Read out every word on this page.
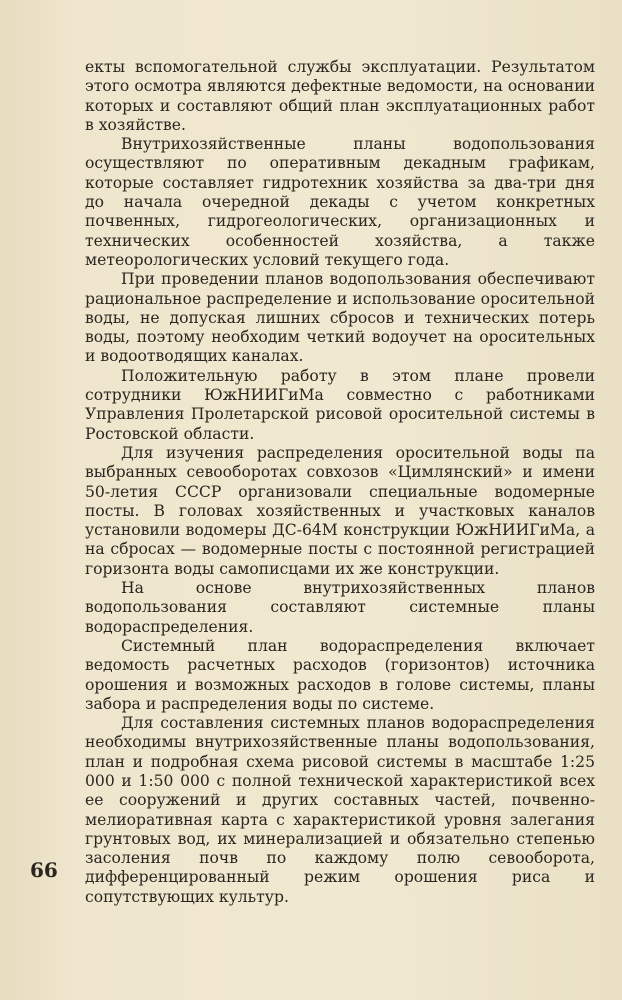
екты вспомогательной службы эксплуатации. Результатом этого осмотра являются дефектные ведомости, на основании которых и составляют общий план эксплуатационных работ в хозяйстве.

Внутрихозяйственные планы водопользования осуществляют по оперативным декадным графикам, которые составляет гидротехник хозяйства за два-три дня до начала очередной декады с учетом конкретных почвенных, гидрогеологических, организационных и технических особенностей хозяйства, а также метеорологических условий текущего года.

При проведении планов водопользования обеспечивают рациональное распределение и использование оросительной воды, не допуская лишних сбросов и технических потерь воды, поэтому необходим четкий водоучет на оросительных и водоотводящих каналах.

Положительную работу в этом плане провели сотрудники ЮжНИИГиМа совместно с работниками Управления Пролетарской рисовой оросительной системы в Ростовской области.

Для изучения распределения оросительной воды па выбранных севооборотах совхозов «Цимлянский» и имени 50-летия СССР организовали специальные водомерные посты. В головах хозяйственных и участковых каналов установили водомеры ДС-64М конструкции ЮжНИИГиМа, а на сбросах — водомерные посты с постоянной регистрацией горизонта воды самописцами их же конструкции.

На основе внутрихозяйственных планов водопользования составляют системные планы водораспределения.

Системный план водораспределения включает ведомость расчетных расходов (горизонтов) источника орошения и возможных расходов в голове системы, планы забора и распределения воды по системе.

Для составления системных планов водораспределения необходимы внутрихозяйственные планы водопользования, план и подробная схема рисовой системы в масштабе 1:25 000 и 1:50 000 с полной технической характеристикой всех ее сооружений и других составных частей, почвенно-мелиоративная карта с характеристикой уровня залегания грунтовых вод, их минерализацией и обязательно степенью засоления почв по каждому полю севооборота, дифференцированный режим орошения риса и сопутствующих культур.

66
